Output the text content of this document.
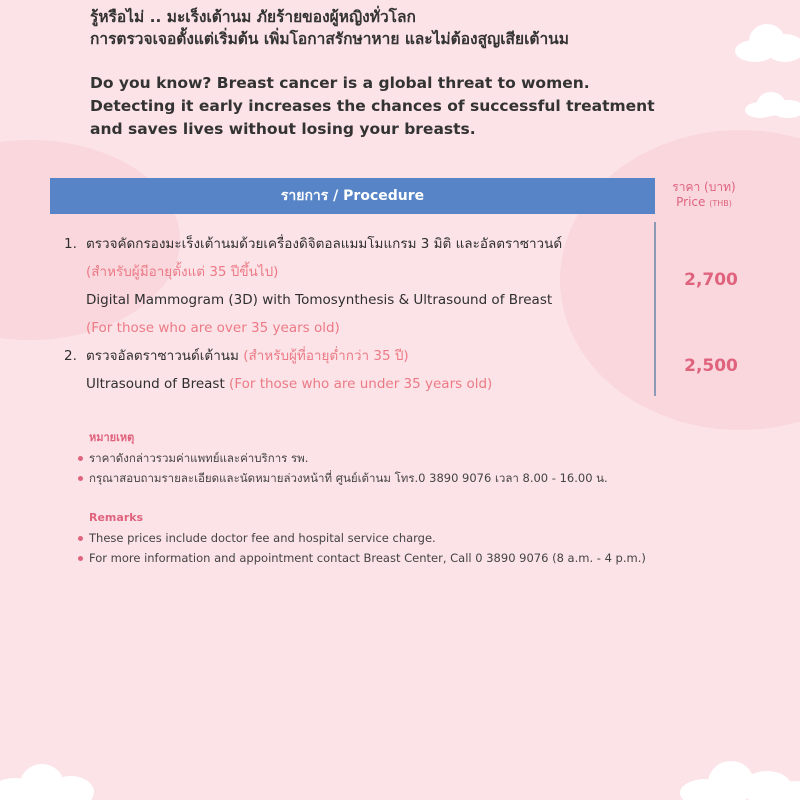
รู้หรือไม่ .. มะเร็งเต้านม ภัยร้ายของผู้หญิงทั่วโลก

การตรวจเจอตั้งแต่เริ่มต้น เพิ่มโอกาสรักษาหาย และไม่ต้องสูญเสียเต้านม

Do you know? Breast cancer is a global threat to women.

Detecting it early increases the chances of successful treatment

and saves lives without losing your breasts.

รายการ / Procedure
ราคา (บาท)
Price (THB)
1. ตรวจคัดกรองมะเร็งเต้านมด้วยเครื่องดิจิตอลแมมโมแกรม 3 มิติ และอัลตราซาวนด์
(สำหรับผู้มีอายุตั้งแต่ 35 ปีขึ้นไป)
Digital Mammogram (3D) with Tomosynthesis & Ultrasound of Breast
(For those who are over 35 years old)
2. ตรวจอัลตราซาวนด์เต้านม (สำหรับผู้ที่อายุต่ำกว่า 35 ปี)
Ultrasound of Breast (For those who are under 35 years old)
2,700
2,500
หมายเหตุ
ราคาดังกล่าวรวมค่าแพทย์และค่าบริการ รพ.
กรุณาสอบถามรายละเอียดและนัดหมายล่วงหน้าที่ ศูนย์เต้านม โทร.0 3890 9076 เวลา 8.00 - 16.00 น.
Remarks
These prices include doctor fee and hospital service charge.
For more information and appointment contact Breast Center, Call 0 3890 9076 (8 a.m. - 4 p.m.)
